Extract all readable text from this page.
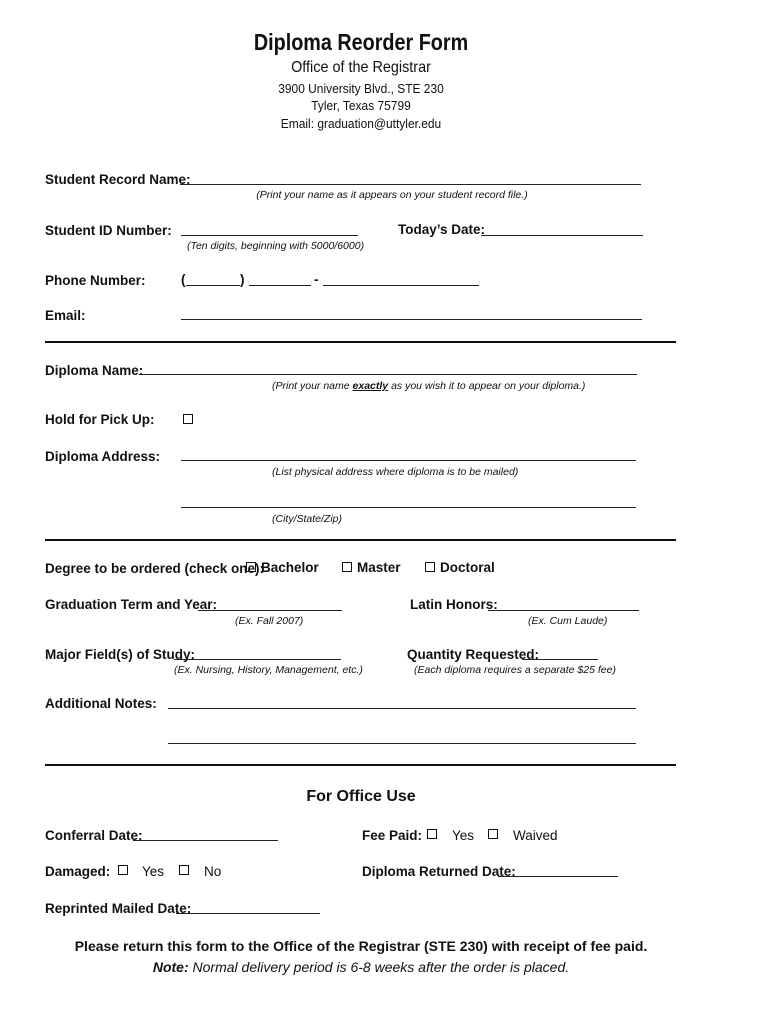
Diploma Reorder Form
Office of the Registrar
3900 University Blvd., STE 230
Tyler, Texas 75799
Email: graduation@uttyler.edu
Student Record Name:
(Print your name as it appears on your student record file.)
Student ID Number:
(Ten digits, beginning with 5000/6000)
Today’s Date:
Phone Number:	(	)	-
Email:
Diploma Name:
(Print your name exactly as you wish it to appear on your diploma.)
Hold for Pick Up:
Diploma Address:
(List physical address where diploma is to be mailed)
(City/State/Zip)
Degree to be ordered (check one):
Bachelor	Master	Doctoral
Graduation Term and Year:
(Ex. Fall 2007)
Latin Honors:
(Ex. Cum Laude)
Major Field(s) of Study:
(Ex. Nursing, History, Management, etc.)
Quantity Requested:
(Each diploma requires a separate $25 fee)
Additional Notes:
For Office Use
Conferral Date:	Fee Paid: Yes	Waived
Damaged: Yes	No	Diploma Returned Date:
Reprinted Mailed Date:
Please return this form to the Office of the Registrar (STE 230) with receipt of fee paid.
Note: Normal delivery period is 6-8 weeks after the order is placed.
